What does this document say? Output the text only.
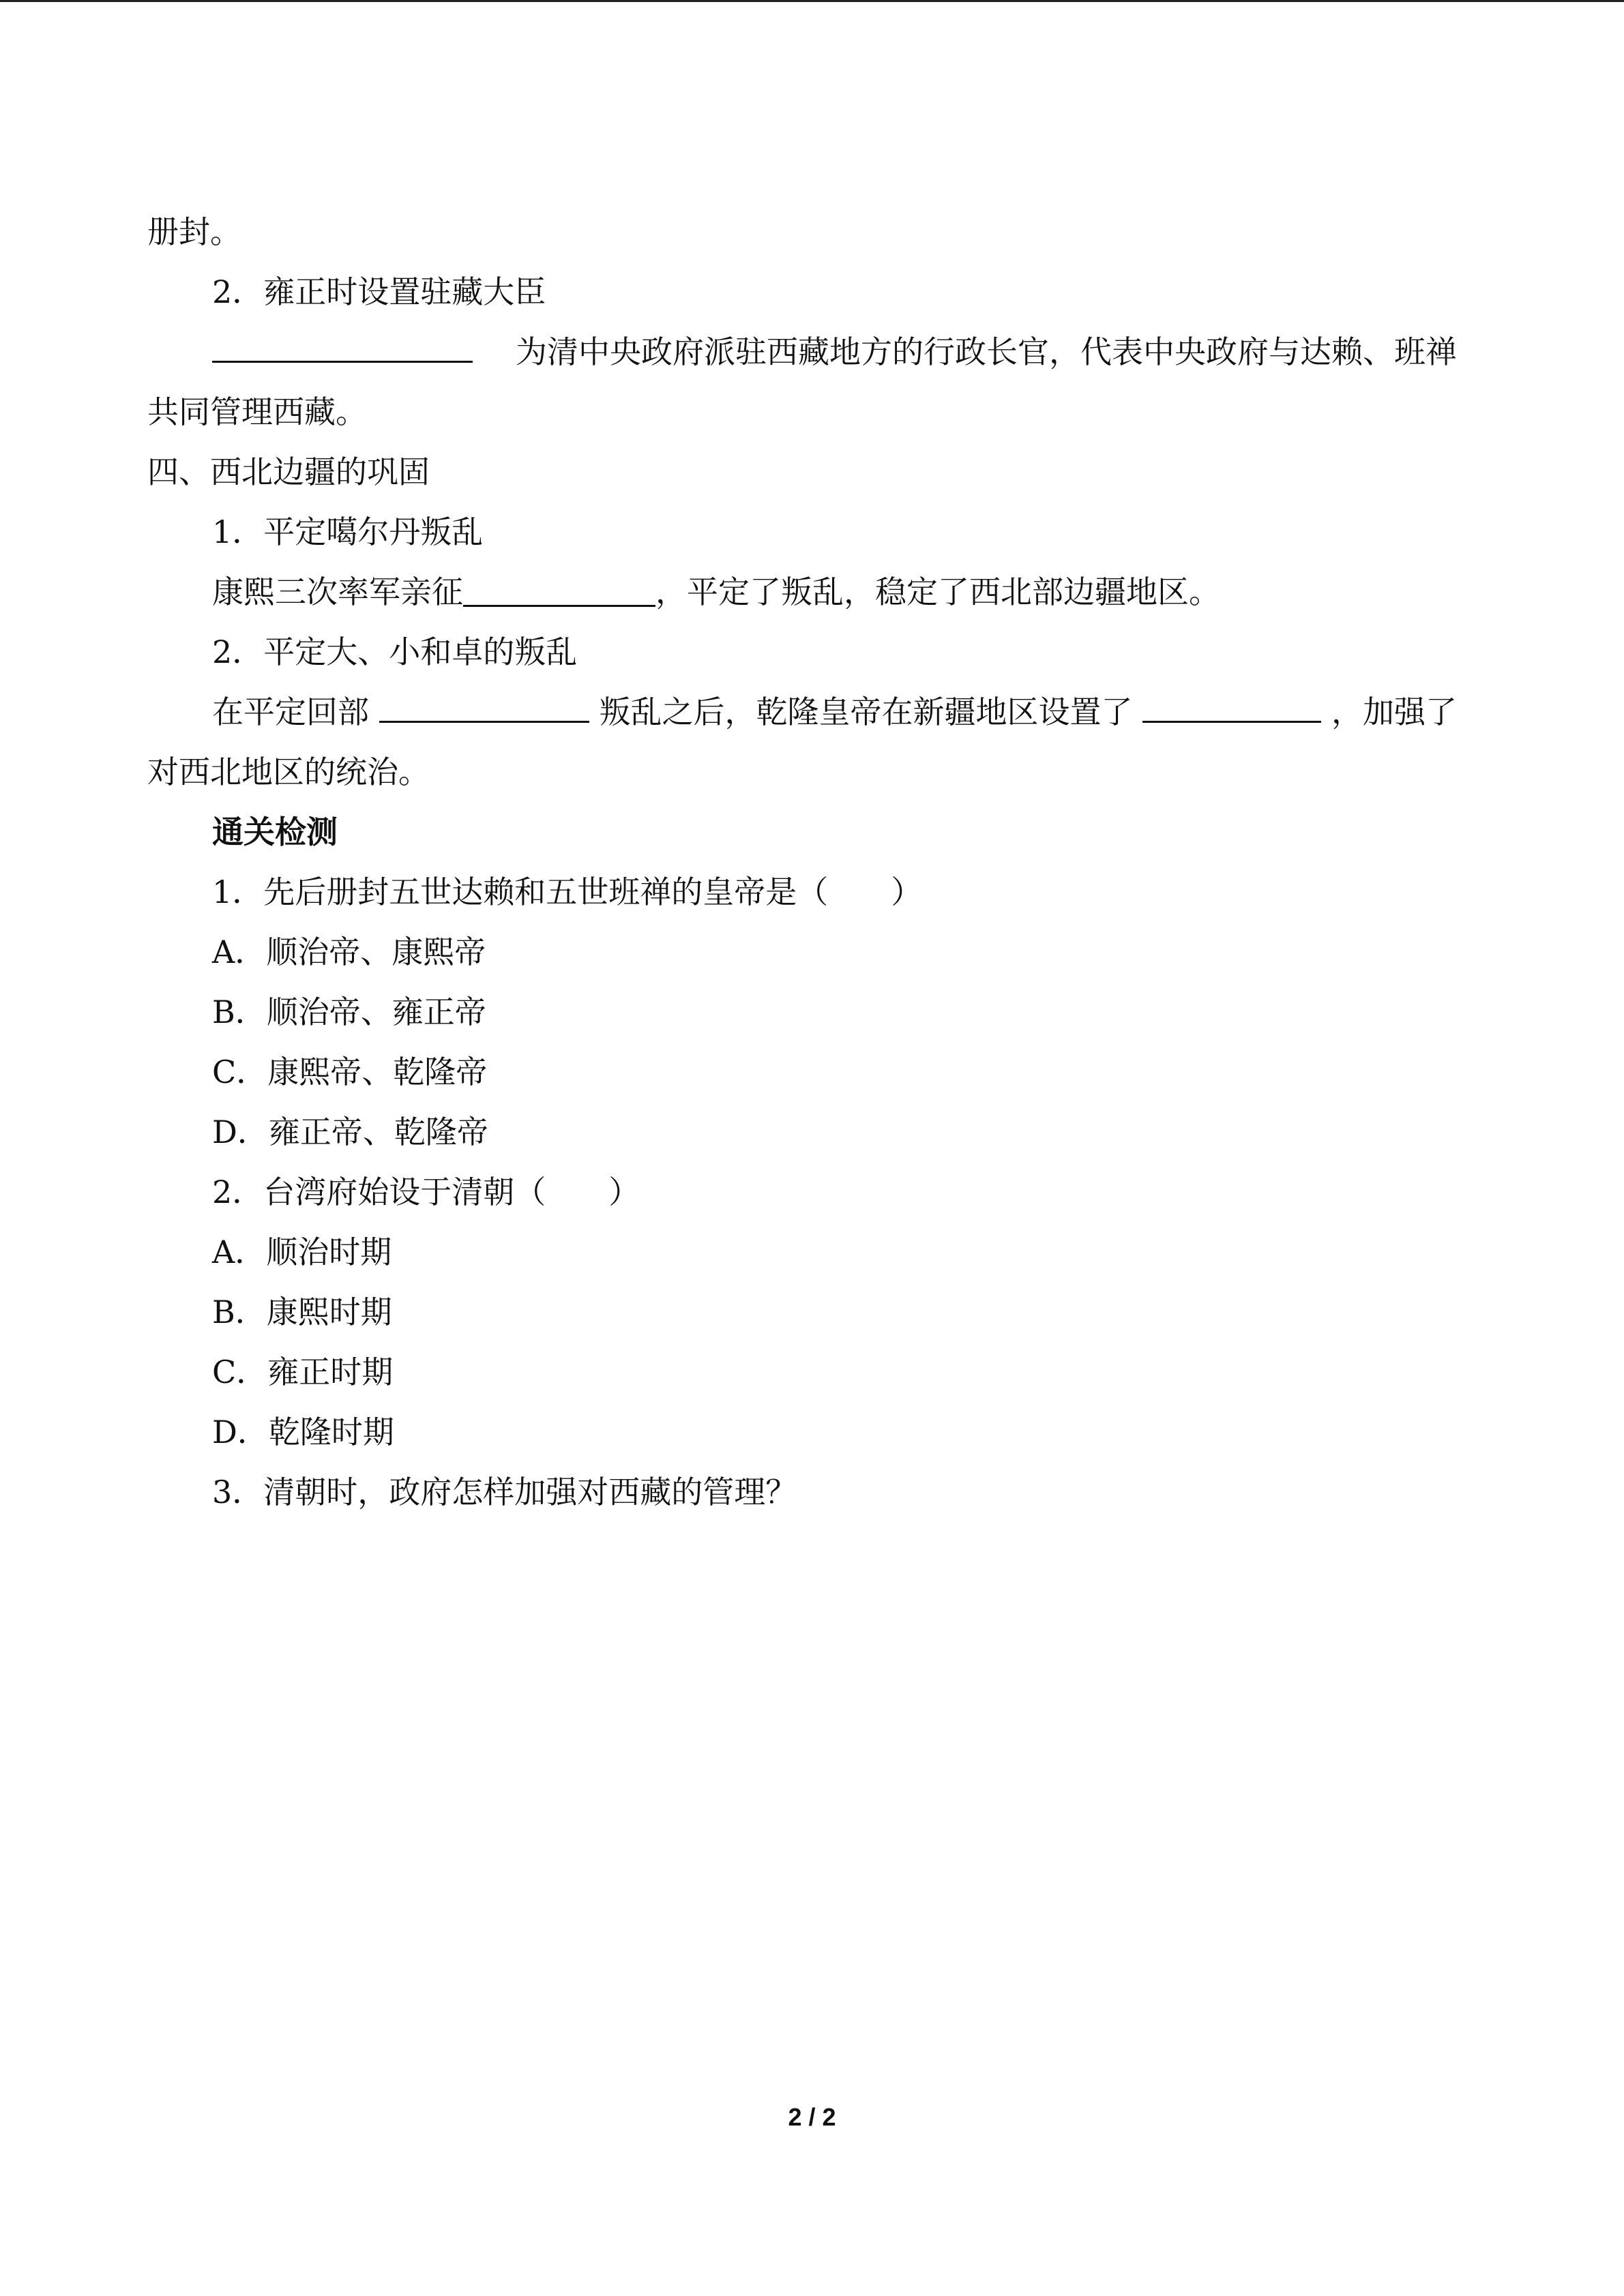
册封。
2．雍正时设置驻藏大臣
为清中央政府派驻西藏地方的行政长官，代表中央政府与达赖、班禅
共同管理西藏。
四、西北边疆的巩固
1．平定噶尔丹叛乱
康熙三次率军亲征	，平定了叛乱，稳定了西北部边疆地区。
2．平定大、小和卓的叛乱
在平定回部	叛乱之后，乾隆皇帝在新疆地区设置了	，加强了
对西北地区的统治。
通关检测
1．先后册封五世达赖和五世班禅的皇帝是（ ）
A．顺治帝、康熙帝
B．顺治帝、雍正帝
C．康熙帝、乾隆帝
D．雍正帝、乾隆帝
2．台湾府始设于清朝（ ）
A．顺治时期
B．康熙时期
C．雍正时期
D．乾隆时期
3．清朝时，政府怎样加强对西藏的管理？
2 / 2
